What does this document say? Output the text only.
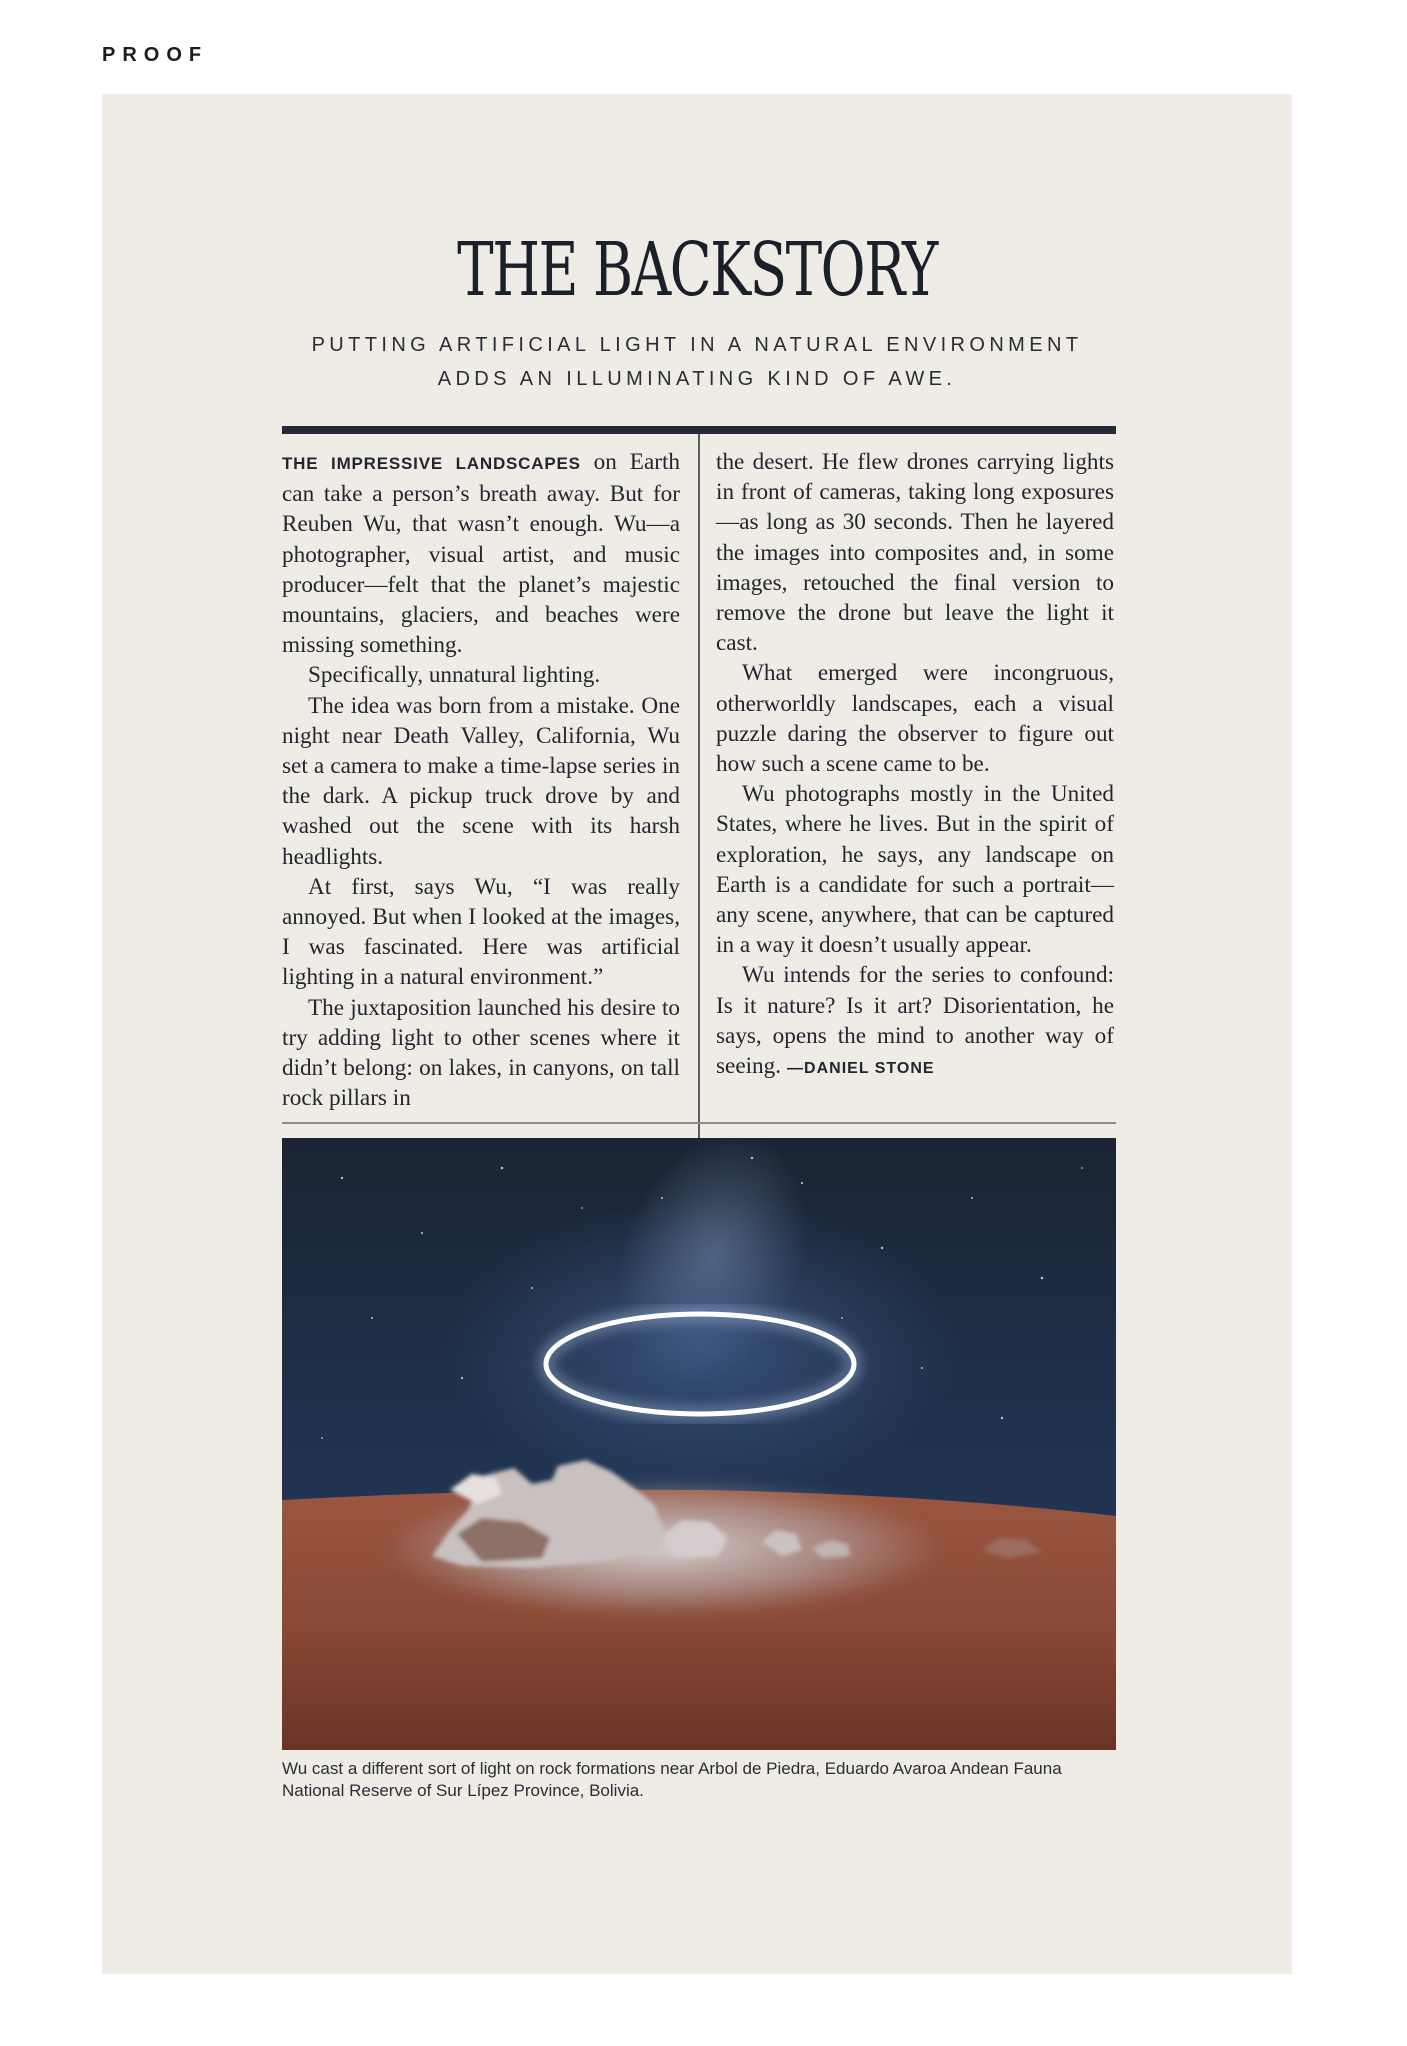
PROOF
THE BACKSTORY
PUTTING ARTIFICIAL LIGHT IN A NATURAL ENVIRONMENT
ADDS AN ILLUMINATING KIND OF AWE.

THE IMPRESSIVE LANDSCAPES on Earth can take a person’s breath away. But for Reuben Wu, that wasn’t enough. Wu—a photographer, visual artist, and music producer—felt that the planet’s majestic mountains, glaciers, and beaches were missing something.

Specifically, unnatural lighting.

The idea was born from a mistake. One night near Death Valley, California, Wu set a camera to make a time-lapse series in the dark. A pickup truck drove by and washed out the scene with its harsh headlights.

At first, says Wu, “I was really annoyed. But when I looked at the images, I was fascinated. Here was artificial lighting in a natural environment.”

The juxtaposition launched his desire to try adding light to other scenes where it didn’t belong: on lakes, in canyons, on tall rock pillars in

the desert. He flew drones carrying lights in front of cameras, taking long exposures—as long as 30 seconds. Then he layered the images into composites and, in some images, retouched the final version to remove the drone but leave the light it cast.

What emerged were incongruous, otherworldly landscapes, each a visual puzzle daring the observer to figure out how such a scene came to be.

Wu photographs mostly in the United States, where he lives. But in the spirit of exploration, he says, any landscape on Earth is a candidate for such a portrait—any scene, anywhere, that can be captured in a way it doesn’t usually appear.

Wu intends for the series to confound: Is it nature? Is it art? Disorientation, he says, opens the mind to another way of seeing. —DANIEL STONE

Wu cast a different sort of light on rock formations near Arbol de Piedra, Eduardo Avaroa Andean Fauna National Reserve of Sur Lípez Province, Bolivia.
